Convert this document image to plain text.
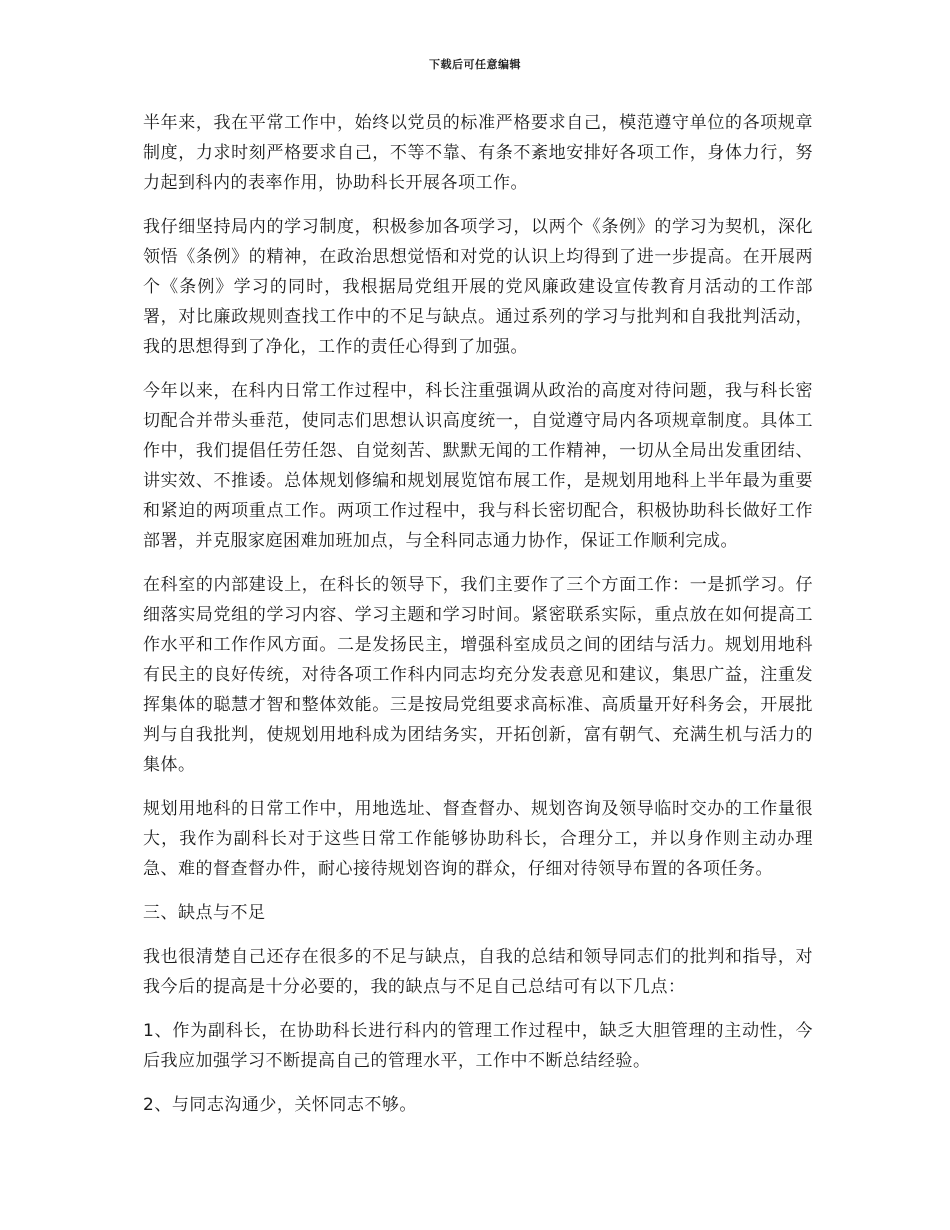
下载后可任意编辑

半年来，我在平常工作中，始终以党员的标准严格要求自己，模范遵守单位的各项规章制度，力求时刻严格要求自己，不等不靠、有条不紊地安排好各项工作，身体力行，努力起到科内的表率作用，协助科长开展各项工作。

我仔细坚持局内的学习制度，积极参加各项学习，以两个《条例》的学习为契机，深化领悟《条例》的精神，在政治思想觉悟和对党的认识上均得到了进一步提高。在开展两个《条例》学习的同时，我根据局党组开展的党风廉政建设宣传教育月活动的工作部署，对比廉政规则查找工作中的不足与缺点。通过系列的学习与批判和自我批判活动，我的思想得到了净化，工作的责任心得到了加强。

今年以来，在科内日常工作过程中，科长注重强调从政治的高度对待问题，我与科长密切配合并带头垂范，使同志们思想认识高度统一，自觉遵守局内各项规章制度。具体工作中，我们提倡任劳任怨、自觉刻苦、默默无闻的工作精神，一切从全局出发重团结、讲实效、不推诿。总体规划修编和规划展览馆布展工作，是规划用地科上半年最为重要和紧迫的两项重点工作。两项工作过程中，我与科长密切配合，积极协助科长做好工作部署，并克服家庭困难加班加点，与全科同志通力协作，保证工作顺利完成。

在科室的内部建设上，在科长的领导下，我们主要作了三个方面工作：一是抓学习。仔细落实局党组的学习内容、学习主题和学习时间。紧密联系实际，重点放在如何提高工作水平和工作作风方面。二是发扬民主，增强科室成员之间的团结与活力。规划用地科有民主的良好传统，对待各项工作科内同志均充分发表意见和建议，集思广益，注重发挥集体的聪慧才智和整体效能。三是按局党组要求高标准、高质量开好科务会，开展批判与自我批判，使规划用地科成为团结务实，开拓创新，富有朝气、充满生机与活力的集体。

规划用地科的日常工作中，用地选址、督查督办、规划咨询及领导临时交办的工作量很大，我作为副科长对于这些日常工作能够协助科长，合理分工，并以身作则主动办理急、难的督查督办件，耐心接待规划咨询的群众，仔细对待领导布置的各项任务。

三、缺点与不足

我也很清楚自己还存在很多的不足与缺点，自我的总结和领导同志们的批判和指导，对我今后的提高是十分必要的，我的缺点与不足自己总结可有以下几点：

1、作为副科长，在协助科长进行科内的管理工作过程中，缺乏大胆管理的主动性，今后我应加强学习不断提高自己的管理水平，工作中不断总结经验。

2、与同志沟通少，关怀同志不够。
